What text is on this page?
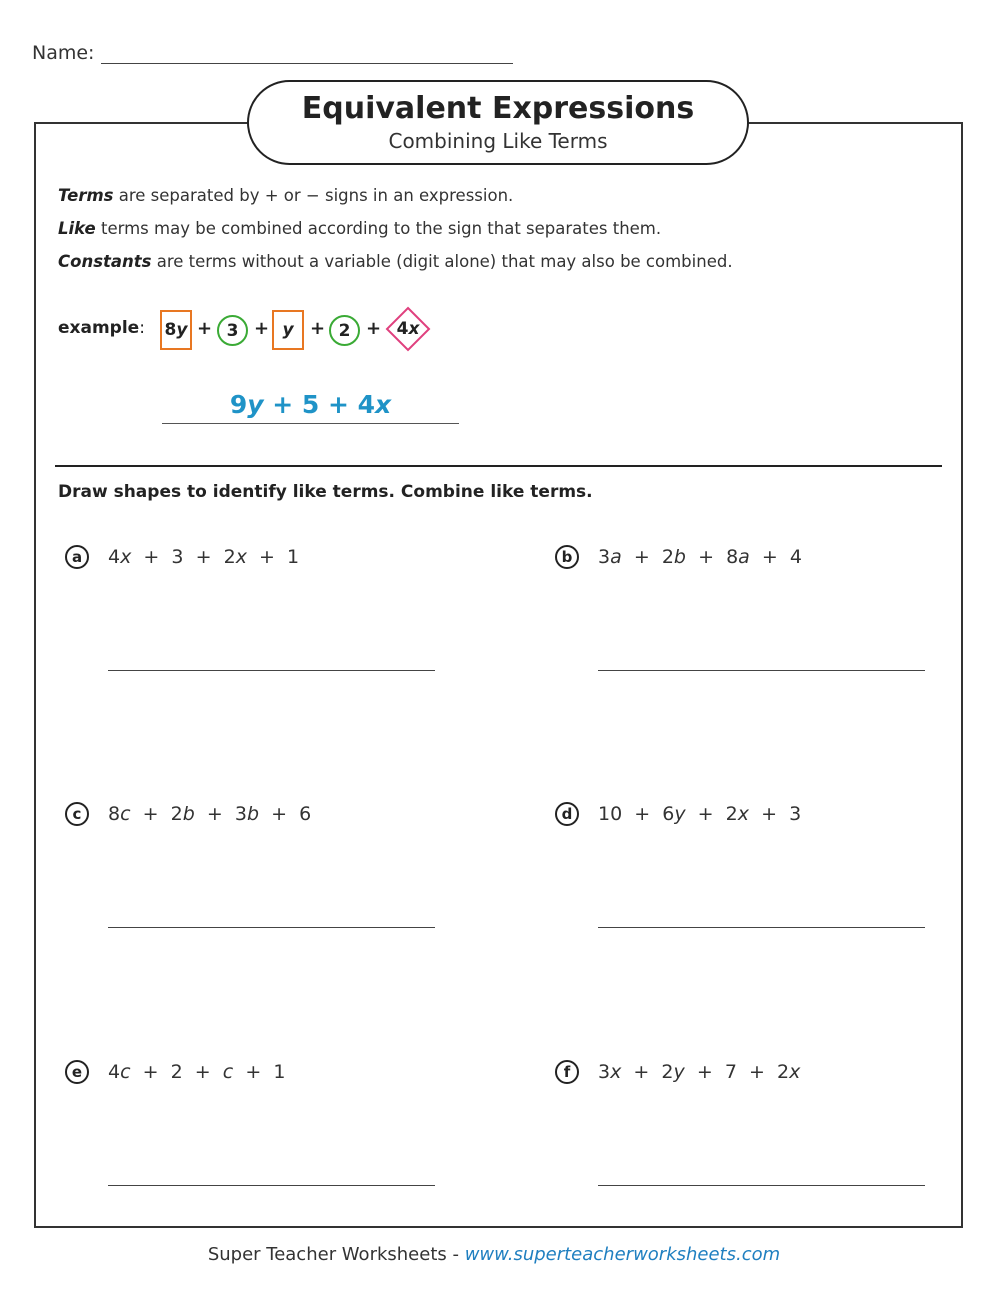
Name:
Equivalent Expressions
Combining Like Terms
Terms are separated by + or − signs in an expression.
Like terms may be combined according to the sign that separates them.
Constants are terms without a variable (digit alone) that may also be combined.
example: 8 y + 3 + y + 2 + 4 x
9y + 5 + 4x
Draw shapes to identify like terms. Combine like terms.
a	4x  +  3  +  2x  +  1	b	3a  +  2b  +  8a  +  4
c	8c  +  2b  +  3b  +  6	d	10  +  6y  +  2x  +  3
e	4c  +  2  +  c  +  1	f	3x  +  2y  +  7  +  2x
Super Teacher Worksheets - www.superteacherworksheets.com
